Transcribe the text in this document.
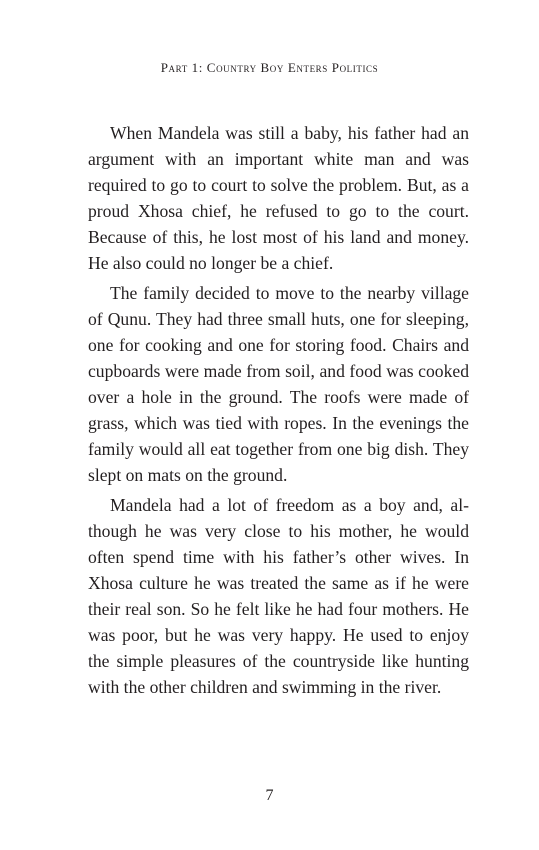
Part 1: Country Boy Enters Politics

When Mandela was still a baby, his father had an argument with an important white man and was required to go to court to solve the problem. But, as a proud Xhosa chief, he refused to go to the court. Because of this, he lost most of his land and money. He also could no longer be a chief.

The family decided to move to the nearby village of Qunu. They had three small huts, one for sleeping, one for cooking and one for storing food. Chairs and cupboards were made from soil, and food was cooked over a hole in the ground. The roofs were made of grass, which was tied with ropes. In the evenings the family would all eat together from one big dish. They slept on mats on the ground.

Mandela had a lot of freedom as a boy and, although he was very close to his mother, he would often spend time with his father’s other wives. In Xhosa culture he was treated the same as if he were their real son. So he felt like he had four mothers. He was poor, but he was very happy. He used to enjoy the simple pleasures of the countryside like hunting with the other children and swimming in the river.

7
